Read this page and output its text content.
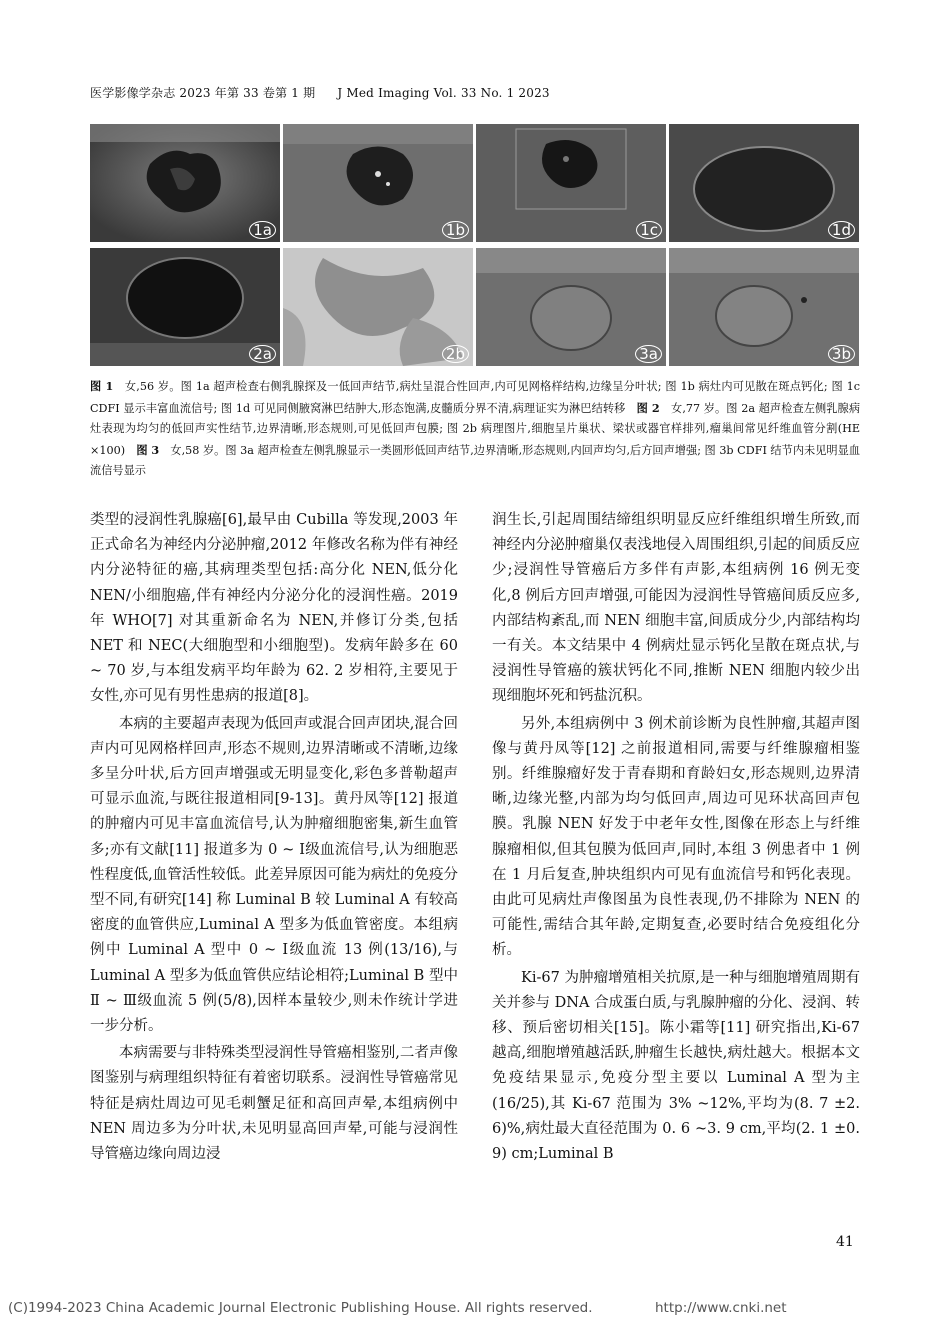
医学影像学杂志 2023 年第 33 卷第 1 期 J Med Imaging Vol. 33 No. 1 2023
1a	1b	1c	1d
2a	2b	3a	3b
图 1　女,56 岁。图 1a 超声检查右侧乳腺探及一低回声结节,病灶呈混合性回声,内可见网格样结构,边缘呈分叶状; 图 1b 病灶内可见散在斑点钙化; 图 1c CDFI 显示丰富血流信号; 图 1d 可见同侧腋窝淋巴结肿大,形态饱满,皮髓质分界不清,病理证实为淋巴结转移　图 2　女,77 岁。图 2a 超声检查左侧乳腺病灶表现为均匀的低回声实性结节,边界清晰,形态规则,可见低回声包膜; 图 2b 病理图片,细胞呈片巢状、梁状或器官样排列,瘤巢间常见纤维血管分割(HE ×100)　图 3　女,58 岁。图 3a 超声检查左侧乳腺显示一类圆形低回声结节,边界清晰,形态规则,内回声均匀,后方回声增强; 图 3b CDFI 结节内未见明显血流信号显示

类型的浸润性乳腺癌[6],最早由 Cubilla 等发现,2003 年正式命名为神经内分泌肿瘤,2012 年修改名称为伴有神经内分泌特征的癌,其病理类型包括:高分化 NEN,低分化 NEN/小细胞癌,伴有神经内分泌分化的浸润性癌。2019 年 WHO[7] 对其重新命名为 NEN,并修订分类,包括 NET 和 NEC(大细胞型和小细胞型)。发病年龄多在 60 ~ 70 岁,与本组发病平均年龄为 62. 2 岁相符,主要见于女性,亦可见有男性患病的报道[8]。

本病的主要超声表现为低回声或混合回声团块,混合回声内可见网格样回声,形态不规则,边界清晰或不清晰,边缘多呈分叶状,后方回声增强或无明显变化,彩色多普勒超声可显示血流,与既往报道相同[9-13]。黄丹凤等[12] 报道的肿瘤内可见丰富血流信号,认为肿瘤细胞密集,新生血管多;亦有文献[11] 报道多为 0 ~ Ⅰ级血流信号,认为细胞恶性程度低,血管活性较低。此差异原因可能为病灶的免疫分型不同,有研究[14] 称 Luminal B 较 Luminal A 有较高密度的血管供应,Luminal A 型多为低血管密度。本组病例中 Luminal A 型中 0 ~ Ⅰ级血流 13 例(13/16),与 Luminal A 型多为低血管供应结论相符;Luminal B 型中Ⅱ ~ Ⅲ级血流 5 例(5/8),因样本量较少,则未作统计学进一步分析。

本病需要与非特殊类型浸润性导管癌相鉴别,二者声像图鉴别与病理组织特征有着密切联系。浸润性导管癌常见特征是病灶周边可见毛刺蟹足征和高回声晕,本组病例中 NEN 周边多为分叶状,未见明显高回声晕,可能与浸润性导管癌边缘向周边浸

润生长,引起周围结缔组织明显反应纤维组织增生所致,而神经内分泌肿瘤巢仅表浅地侵入周围组织,引起的间质反应少;浸润性导管癌后方多伴有声影,本组病例 16 例无变化,8 例后方回声增强,可能因为浸润性导管癌间质反应多,内部结构紊乱,而 NEN 细胞丰富,间质成分少,内部结构均一有关。本文结果中 4 例病灶显示钙化呈散在斑点状,与浸润性导管癌的簇状钙化不同,推断 NEN 细胞内较少出现细胞坏死和钙盐沉积。

另外,本组病例中 3 例术前诊断为良性肿瘤,其超声图像与黄丹凤等[12] 之前报道相同,需要与纤维腺瘤相鉴别。纤维腺瘤好发于青春期和育龄妇女,形态规则,边界清晰,边缘光整,内部为均匀低回声,周边可见环状高回声包膜。乳腺 NEN 好发于中老年女性,图像在形态上与纤维腺瘤相似,但其包膜为低回声,同时,本组 3 例患者中 1 例在 1 月后复查,肿块组织内可见有血流信号和钙化表现。由此可见病灶声像图虽为良性表现,仍不排除为 NEN 的可能性,需结合其年龄,定期复查,必要时结合免疫组化分析。

Ki-67 为肿瘤增殖相关抗原,是一种与细胞增殖周期有关并参与 DNA 合成蛋白质,与乳腺肿瘤的分化、浸润、转移、预后密切相关[15]。陈小霜等[11] 研究指出,Ki-67 越高,细胞增殖越活跃,肿瘤生长越快,病灶越大。根据本文免疫结果显示,免疫分型主要以 Luminal A 型为主(16/25),其 Ki-67 范围为 3% ~12%,平均为(8. 7 ±2. 6)%,病灶最大直径范围为 0. 6 ~3. 9 cm,平均(2. 1 ±0. 9) cm;Luminal B

41
(C)1994-2023 China Academic Journal Electronic Publishing House. All rights reserved.	http://www.cnki.net
